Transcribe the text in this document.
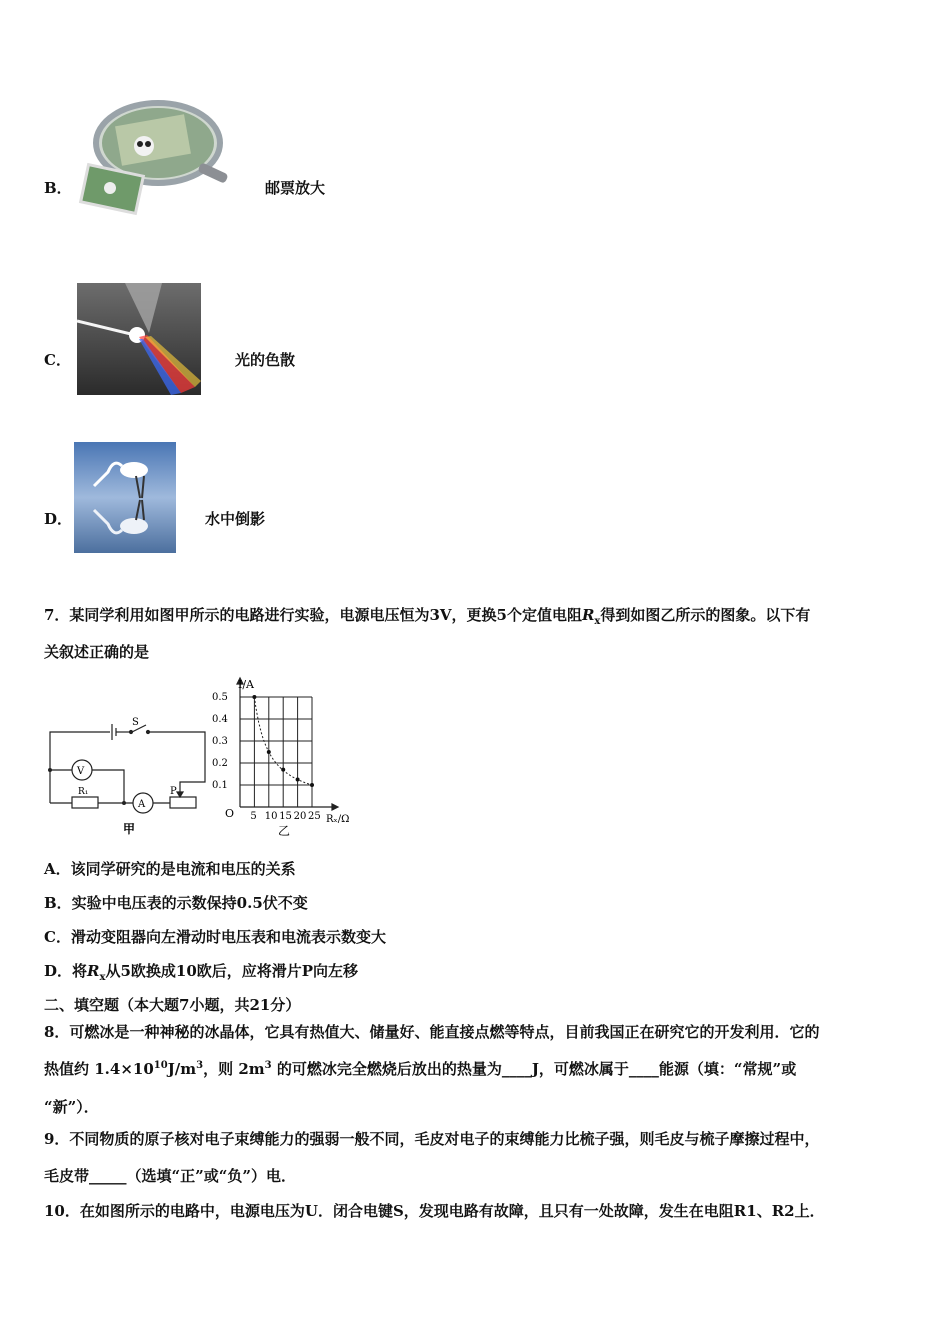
B．	邮票放大
C．	光的色散
D．	水中倒影
7．某同学利用如图甲所示的电路进行实验，电源电压恒为3V，更换5个定值电阻$R_x$得到如图乙所示的图象。以下有
关叙述正确的是
S
V
A
R₁	P
甲
5 10 15 20 25
0.5
0.4
0.3
0.2
0.1
I/A
Rₓ/Ω
O
乙
A．该同学研究的是电流和电压的关系
B．实验中电压表的示数保持0.5伏不变
C．滑动变阻器向左滑动时电压表和电流表示数变大
D．将$R_x$从5欧换成10欧后，应将滑片P向左移
二、填空题（本大题7小题，共21分）
8．可燃冰是一种神秘的冰晶体，它具有热值大、储量好、能直接点燃等特点，目前我国正在研究它的开发利用．它的
热值约 $1.4\times 10^{10}J/m^3$，则 $2m^3$ 的可燃冰完全燃烧后放出的热量为____J，可燃冰属于____能源（填：“常规”或
“新”）．
9．不同物质的原子核对电子束缚能力的强弱一般不同，毛皮对电子的束缚能力比梳子强，则毛皮与梳子摩擦过程中，
毛皮带_____（选填“正”或“负”）电．
10．在如图所示的电路中，电源电压为U．闭合电键S，发现电路有故障，且只有一处故障，发生在电阻R1、R2上．
